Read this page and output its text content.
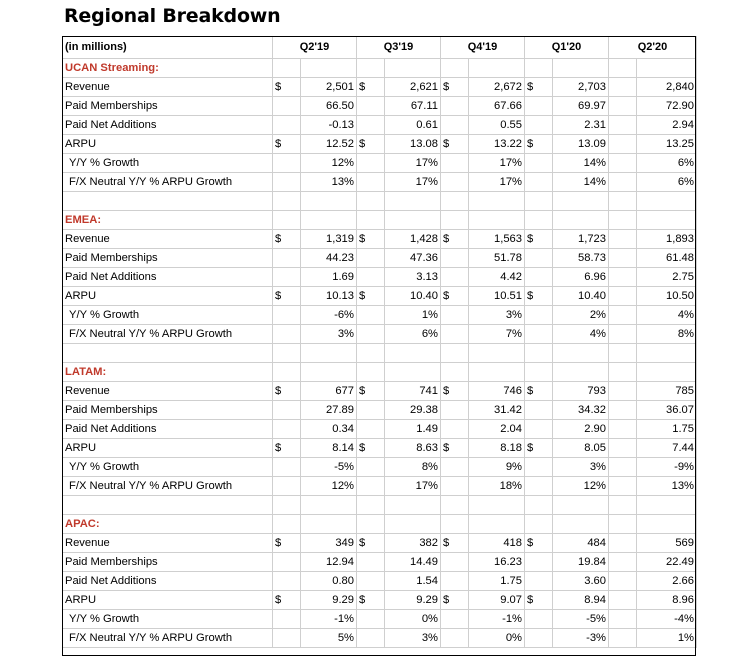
Regional Breakdown
(in millions)	Q2'19		Q3'19		Q4'19		Q1'20		Q2'20	
UCAN Streaming:										
Revenue	$	2,501	$	2,621	$	2,672	$	2,703		2,840
Paid Memberships		66.50		67.11		67.66		69.97		72.90
Paid Net Additions		-0.13		0.61		0.55		2.31		2.94
ARPU	$	12.52	$	13.08	$	13.22	$	13.09		13.25
Y/Y % Growth		12%		17%		17%		14%		6%
F/X Neutral Y/Y % ARPU Growth		13%		17%		17%		14%		6%

EMEA:										
Revenue	$	1,319	$	1,428	$	1,563	$	1,723		1,893
Paid Memberships		44.23		47.36		51.78		58.73		61.48
Paid Net Additions		1.69		3.13		4.42		6.96		2.75
ARPU	$	10.13	$	10.40	$	10.51	$	10.40		10.50
Y/Y % Growth		-6%		1%		3%		2%		4%
F/X Neutral Y/Y % ARPU Growth		3%		6%		7%		4%		8%

LATAM:										
Revenue	$	677	$	741	$	746	$	793		785
Paid Memberships		27.89		29.38		31.42		34.32		36.07
Paid Net Additions		0.34		1.49		2.04		2.90		1.75
ARPU	$	8.14	$	8.63	$	8.18	$	8.05		7.44
Y/Y % Growth		-5%		8%		9%		3%		-9%
F/X Neutral Y/Y % ARPU Growth		12%		17%		18%		12%		13%

APAC:										
Revenue	$	349	$	382	$	418	$	484		569
Paid Memberships		12.94		14.49		16.23		19.84		22.49
Paid Net Additions		0.80		1.54		1.75		3.60		2.66
ARPU	$	9.29	$	9.29	$	9.07	$	8.94		8.96
Y/Y % Growth		-1%		0%		-1%		-5%		-4%
F/X Neutral Y/Y % ARPU Growth		5%		3%		0%		-3%		1%
